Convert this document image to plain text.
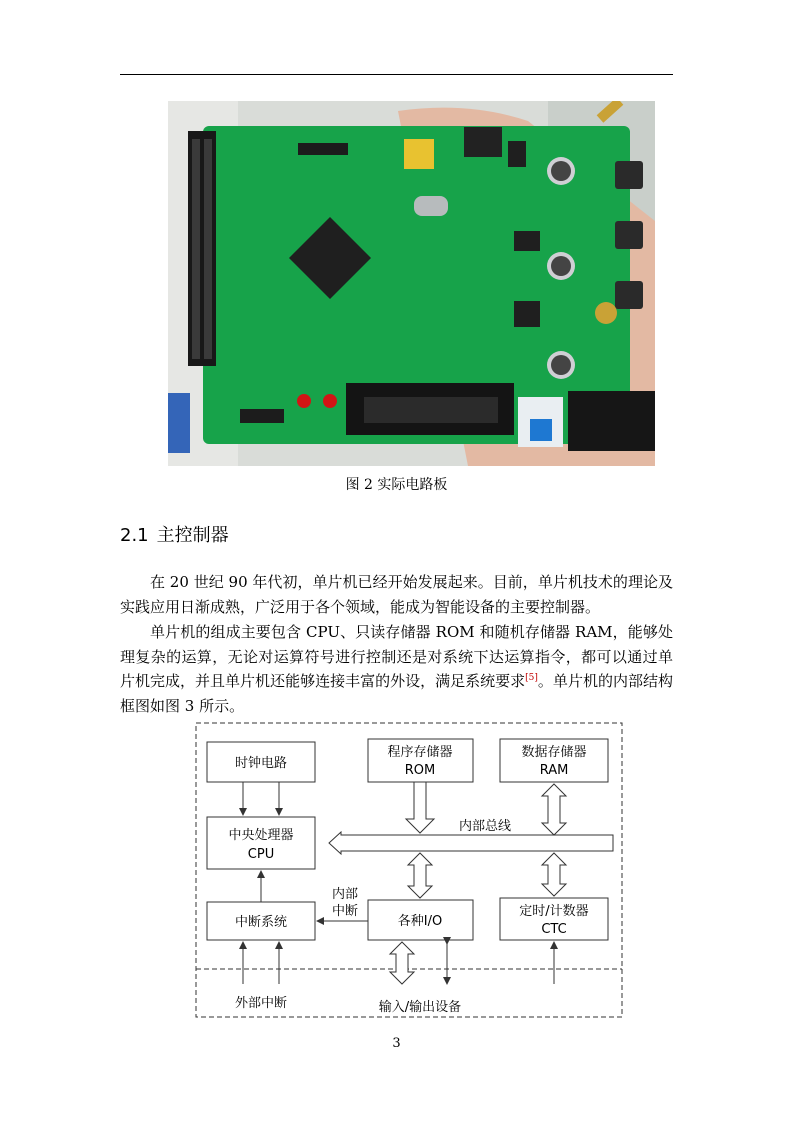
图 2 实际电路板
2.1 主控制器

在 20 世纪 90 年代初，单片机已经开始发展起来。目前，单片机技术的理论及实践应用日渐成熟，广泛用于各个领域，能成为智能设备的主要控制器。

单片机的组成主要包含 CPU、只读存储器 ROM 和随机存储器 RAM，能够处理复杂的运算，无论对运算符号进行控制还是对系统下达运算指令，都可以通过单片机完成，并且单片机还能够连接丰富的外设，满足系统要求[5]。单片机的内部结构框图如图 3 所示。

时钟电路
程序存储器
ROM
数据存储器
RAM
中央处理器
CPU
中断系统	各种I/O
定时/计数器
CTC
内部总线
内部
中断
外部中断	输入/输出设备
3
